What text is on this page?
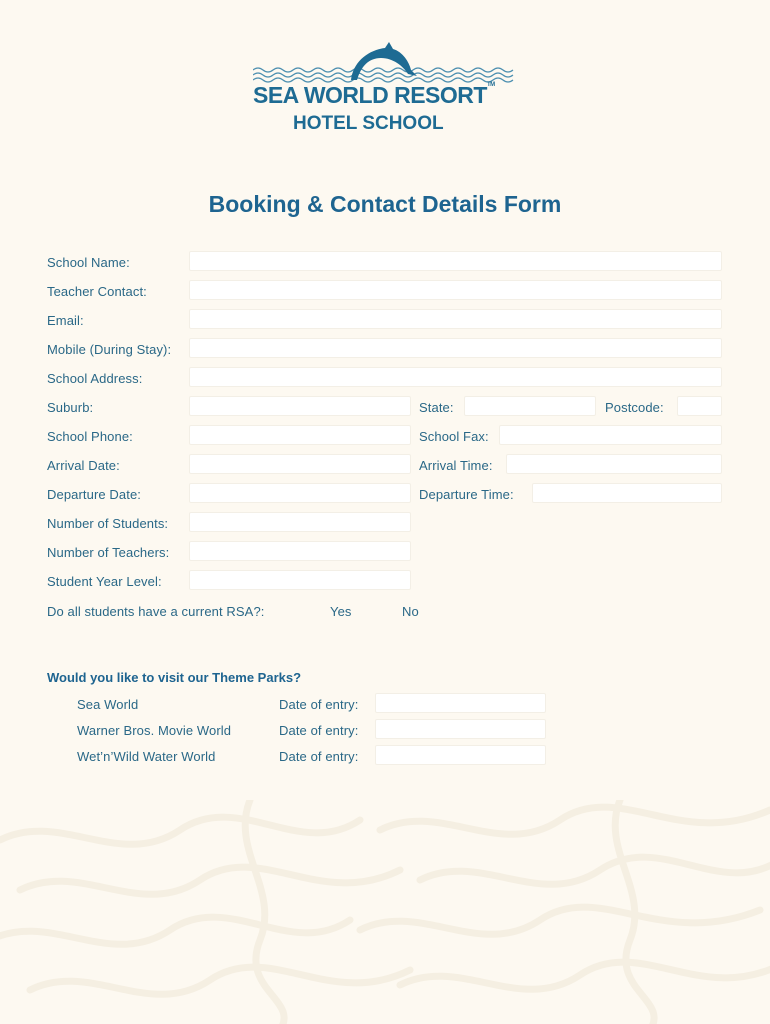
SEA WORLD RESORT™
HOTEL SCHOOL
Booking & Contact Details Form
School Name:
Teacher Contact:
Email:
Mobile (During Stay):
School Address:
Suburb:	State:	Postcode:
School Phone:	School Fax:
Arrival Date:	Arrival Time:
Departure Date:	Departure Time:
Number of Students:
Number of Teachers:
Student Year Level:
Do all students have a current RSA?:	Yes	No
Would you like to visit our Theme Parks?
Sea World	Date of entry:
Warner Bros. Movie World	Date of entry:
Wet’n’Wild Water World	Date of entry:
